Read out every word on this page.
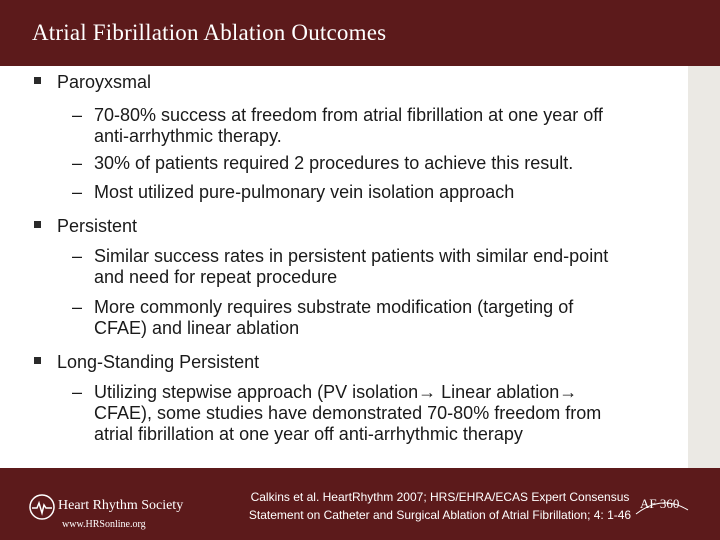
Atrial Fibrillation Ablation Outcomes
Paroyxsmal
– 70-80% success at freedom from atrial fibrillation at one year off
anti-arrhythmic therapy.
– 30% of patients required 2 procedures to achieve this result.
– Most utilized pure-pulmonary vein isolation approach
Persistent
– Similar success rates in persistent patients with similar end-point
and need for repeat procedure
– More commonly requires substrate modification (targeting of
CFAE) and linear ablation
Long-Standing Persistent
– Utilizing stepwise approach (PV isolation→ Linear ablation→
CFAE), some studies have demonstrated 70-80% freedom from
atrial fibrillation at one year off anti-arrhythmic therapy
Heart Rhythm Society
www.HRSonline.org
Calkins et al. HeartRhythm 2007; HRS/EHRA/ECAS Expert Consensus
Statement on Catheter and Surgical Ablation of Atrial Fibrillation; 4: 1-46
AF 360
